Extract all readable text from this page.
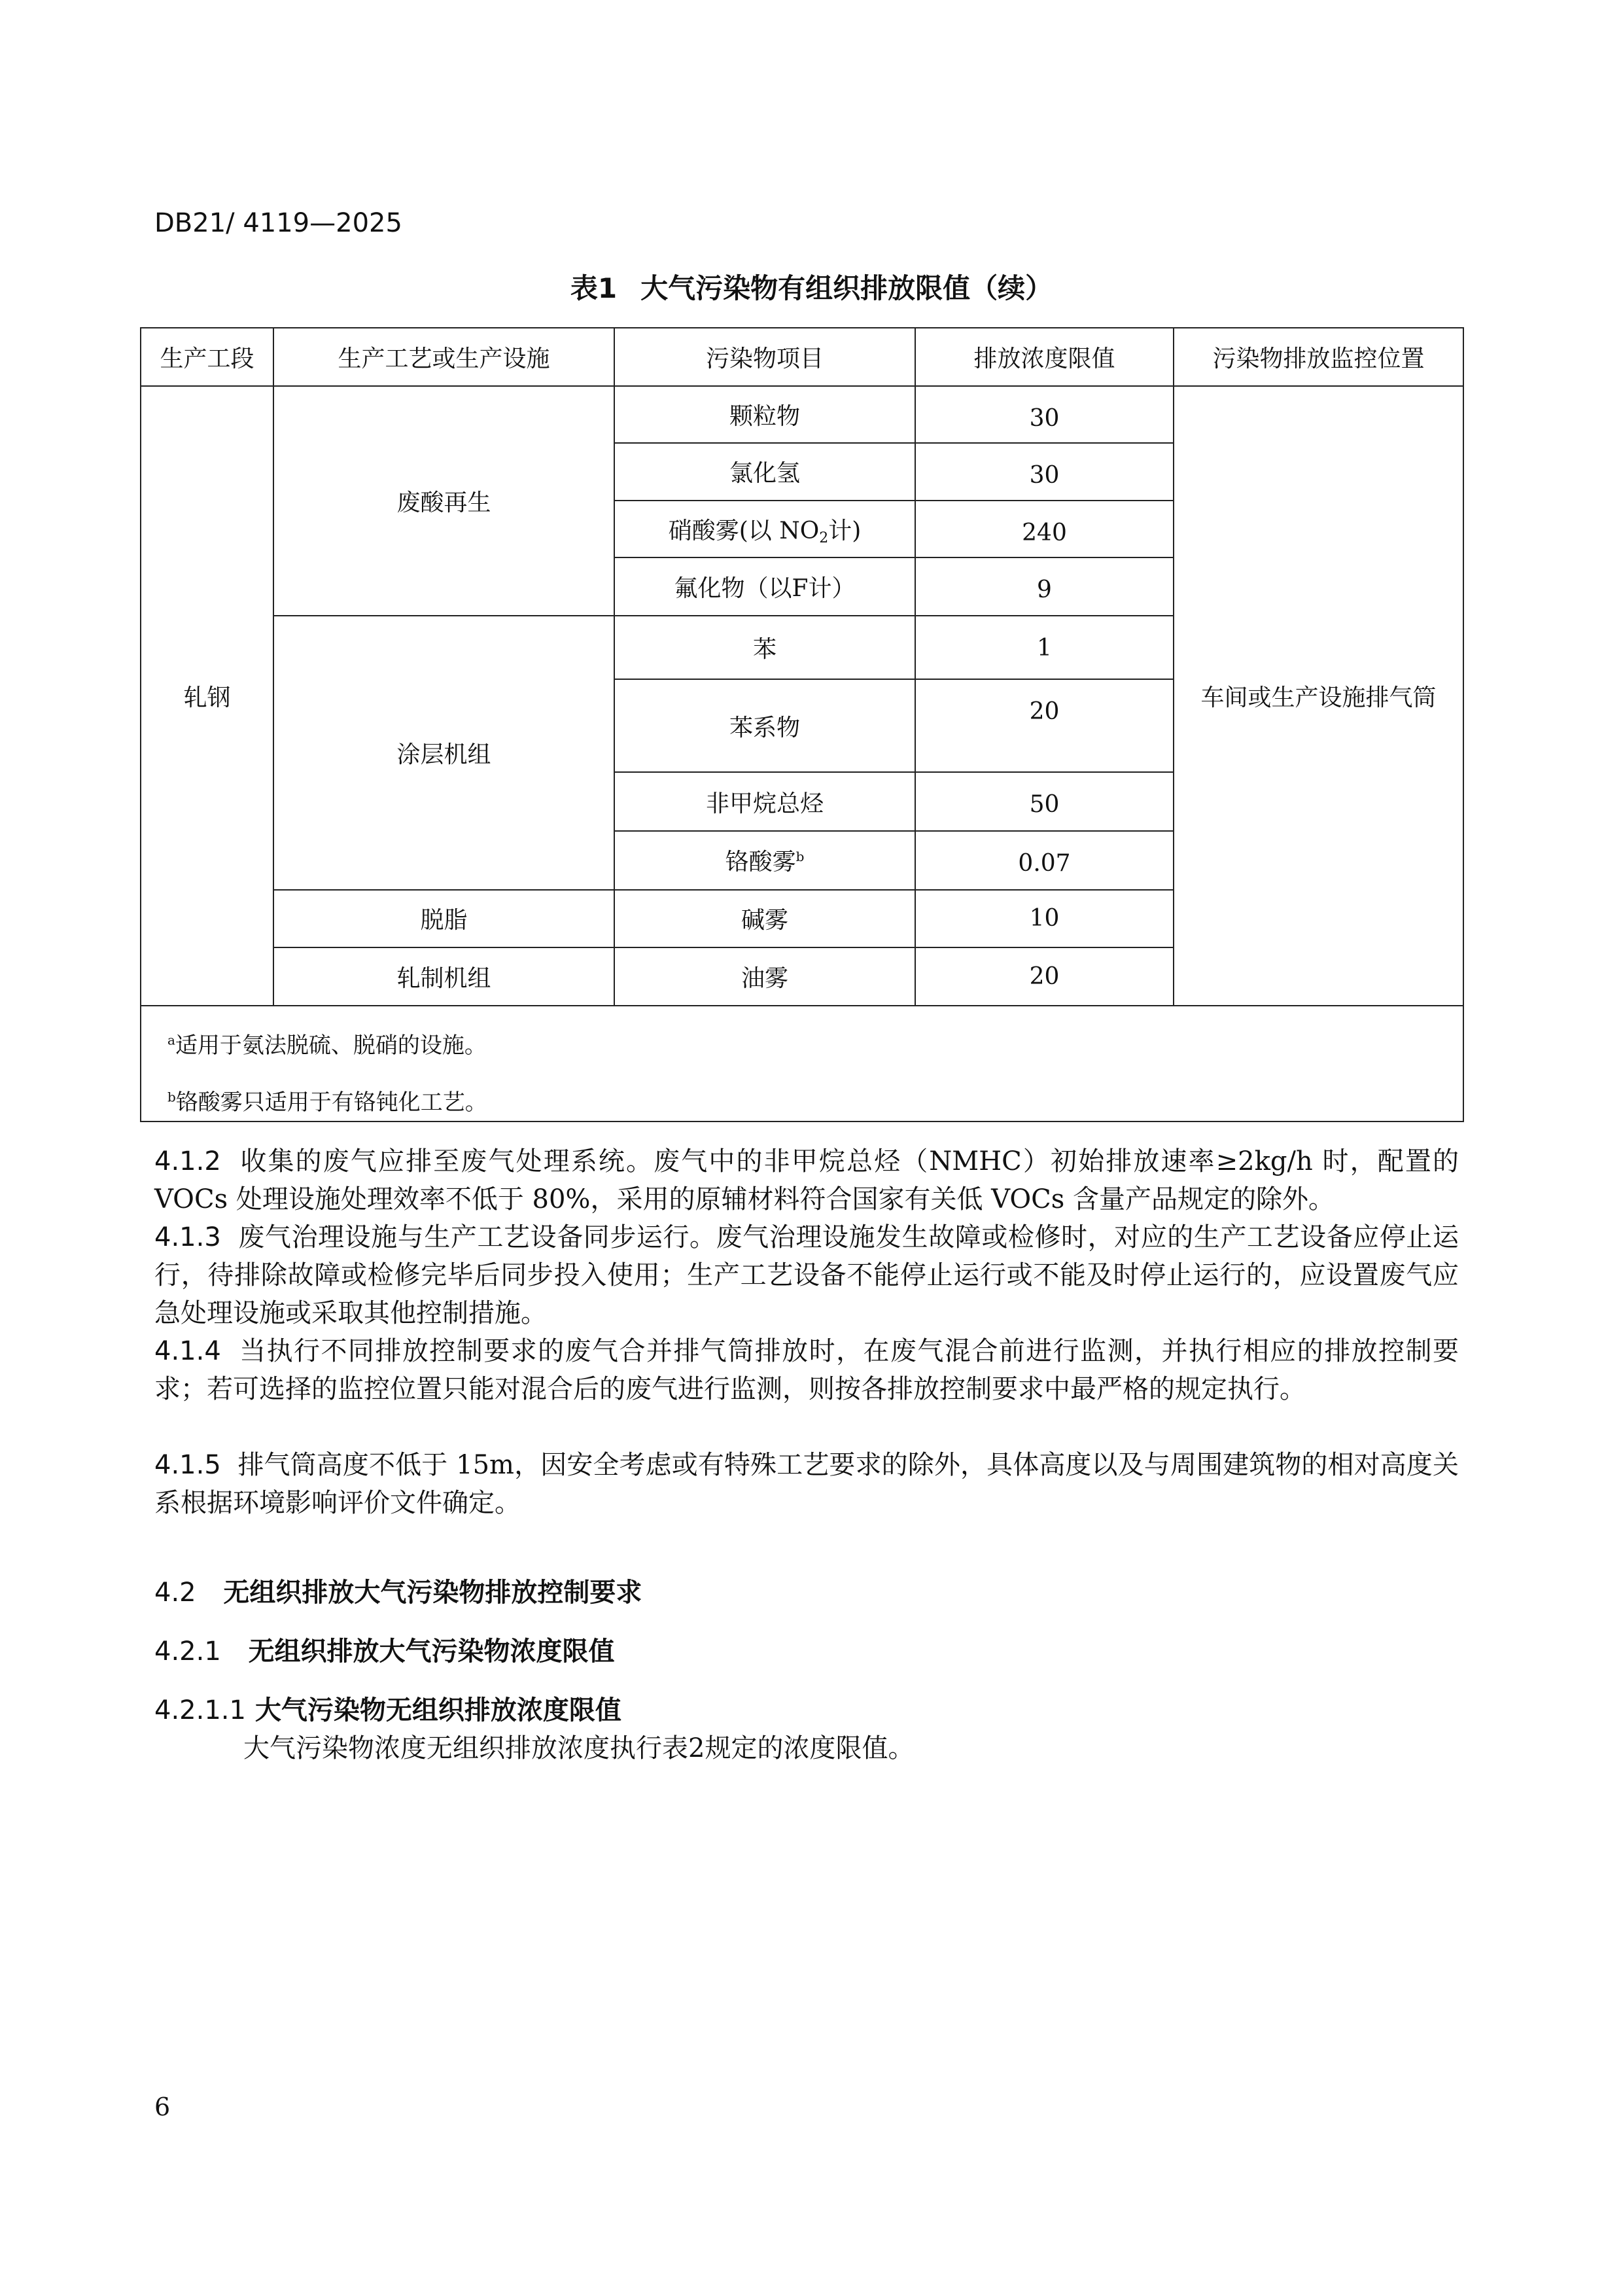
DB21/ 4119—2025
表1 大气污染物有组织排放限值（续）
生产工段	生产工艺或生产设施	污染物项目	排放浓度限值	污染物排放监控位置
轧钢	废酸再生	颗粒物	30	车间或生产设施排气筒
		氯化氢	30	
		硝酸雾(以 $NO_2$计)	240	
		氟化物（以F计）	9	
	涂层机组	苯	1	
		苯系物	20	
		非甲烷总烃	50	
		铬酸雾$^b$	0.07	
	脱脂	碱雾	10	
	轧制机组	油雾	20	

$^a$适用于氨法脱硫、脱硝的设施。
$^b$铬酸雾只适用于有铬钝化工艺。				
4.1.2 收集的废气应排至废气处理系统。废气中的非甲烷总烃（NMHC）初始排放速率≥2kg/h 时，配置的 VOCs 处理设施处理效率不低于 80%，采用的原辅材料符合国家有关低 VOCs 含量产品规定的除外。
4.1.3 废气治理设施与生产工艺设备同步运行。废气治理设施发生故障或检修时，对应的生产工艺设备应停止运行，待排除故障或检修完毕后同步投入使用；生产工艺设备不能停止运行或不能及时停止运行的，应设置废气应急处理设施或采取其他控制措施。
4.1.4 当执行不同排放控制要求的废气合并排气筒排放时，在废气混合前进行监测，并执行相应的排放控制要求；若可选择的监控位置只能对混合后的废气进行监测，则按各排放控制要求中最严格的规定执行。
4.1.5 排气筒高度不低于 15m，因安全考虑或有特殊工艺要求的除外，具体高度以及与周围建筑物的相对高度关系根据环境影响评价文件确定。
4.2 无组织排放大气污染物排放控制要求
4.2.1 无组织排放大气污染物浓度限值
4.2.1.1 大气污染物无组织排放浓度限值
大气污染物浓度无组织排放浓度执行表2规定的浓度限值。
6
